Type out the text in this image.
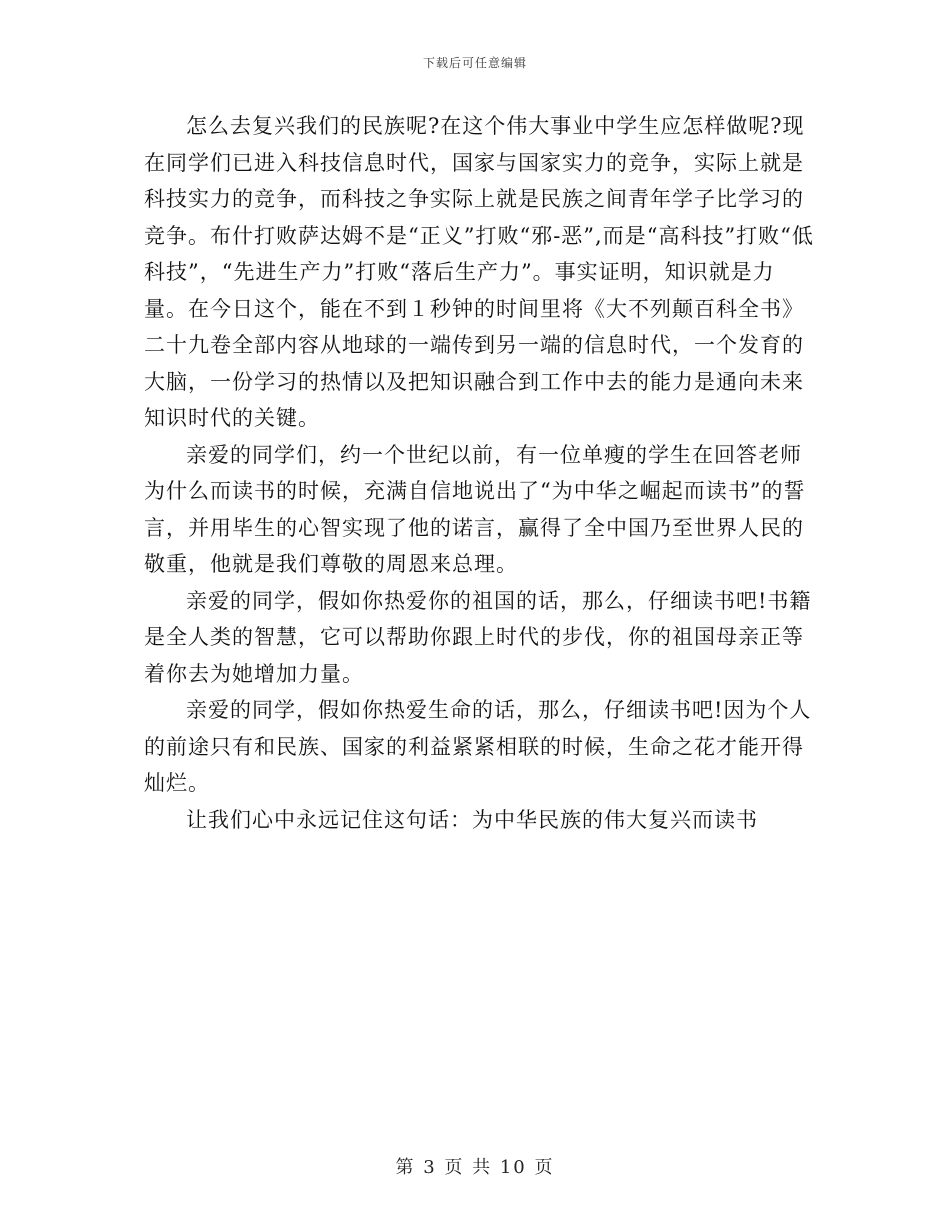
下载后可任意编辑

怎么去复兴我们的民族呢?在这个伟大事业中学生应怎样做呢?现在同学们已进入科技信息时代，国家与国家实力的竞争，实际上就是科技实力的竞争，而科技之争实际上就是民族之间青年学子比学习的竞争。布什打败萨达姆不是“正义”打败“邪-恶”,而是“高科技”打败“低科技”，“先进生产力”打败“落后生产力”。事实证明，知识就是力量。在今日这个，能在不到１秒钟的时间里将《大不列颠百科全书》二十九卷全部内容从地球的一端传到另一端的信息时代，一个发育的大脑，一份学习的热情以及把知识融合到工作中去的能力是通向未来知识时代的关键。

亲爱的同学们，约一个世纪以前，有一位单瘦的学生在回答老师为什么而读书的时候，充满自信地说出了“为中华之崛起而读书”的誓言，并用毕生的心智实现了他的诺言，赢得了全中国乃至世界人民的敬重，他就是我们尊敬的周恩来总理。

亲爱的同学，假如你热爱你的祖国的话，那么，仔细读书吧!书籍是全人类的智慧，它可以帮助你跟上时代的步伐，你的祖国母亲正等着你去为她增加力量。

亲爱的同学，假如你热爱生命的话，那么，仔细读书吧!因为个人的前途只有和民族、国家的利益紧紧相联的时候，生命之花才能开得灿烂。

让我们心中永远记住这句话：为中华民族的伟大复兴而读书

第 3 页 共 10 页
